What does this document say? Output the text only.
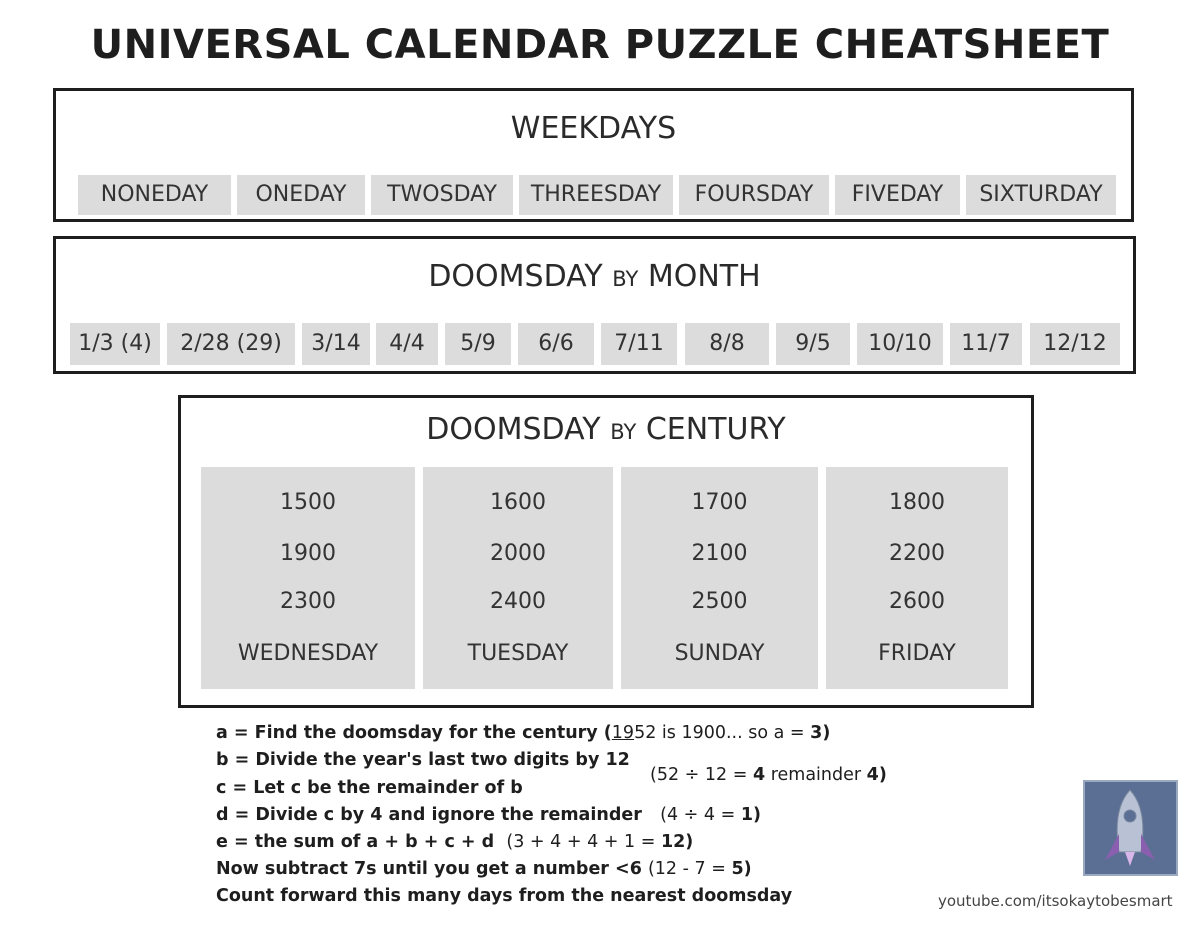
UNIVERSAL CALENDAR PUZZLE CHEATSHEET
WEEKDAYS
NONEDAY	ONEDAY	TWOSDAY	THREESDAY	FOURSDAY	FIVEDAY	SIXTURDAY
DOOMSDAY BY MONTH
1/3 (4)	2/28 (29)	3/14	4/4	5/9	6/6	7/11	8/8	9/5	10/10	11/7	12/12
DOOMSDAY BY CENTURY
1500
1900
2300
WEDNESDAY
1600
2000
2400
TUESDAY
1700
2100
2500
SUNDAY
1800
2200
2600
FRIDAY
a = Find the doomsday for the century (1952 is 1900... so a = 3)
b = Divide the year's last two digits by 12
(52 ÷ 12 = 4 remainder 4)
c = Let c be the remainder of b
d = Divide c by 4 and ignore the remainder (4 ÷ 4 = 1)
e = the sum of a + b + c + d (3 + 4 + 4 + 1 = 12)
Now subtract 7s until you get a number <6 (12 - 7 = 5)
Count forward this many days from the nearest doomsday	youtube.com/itsokaytobesmart
